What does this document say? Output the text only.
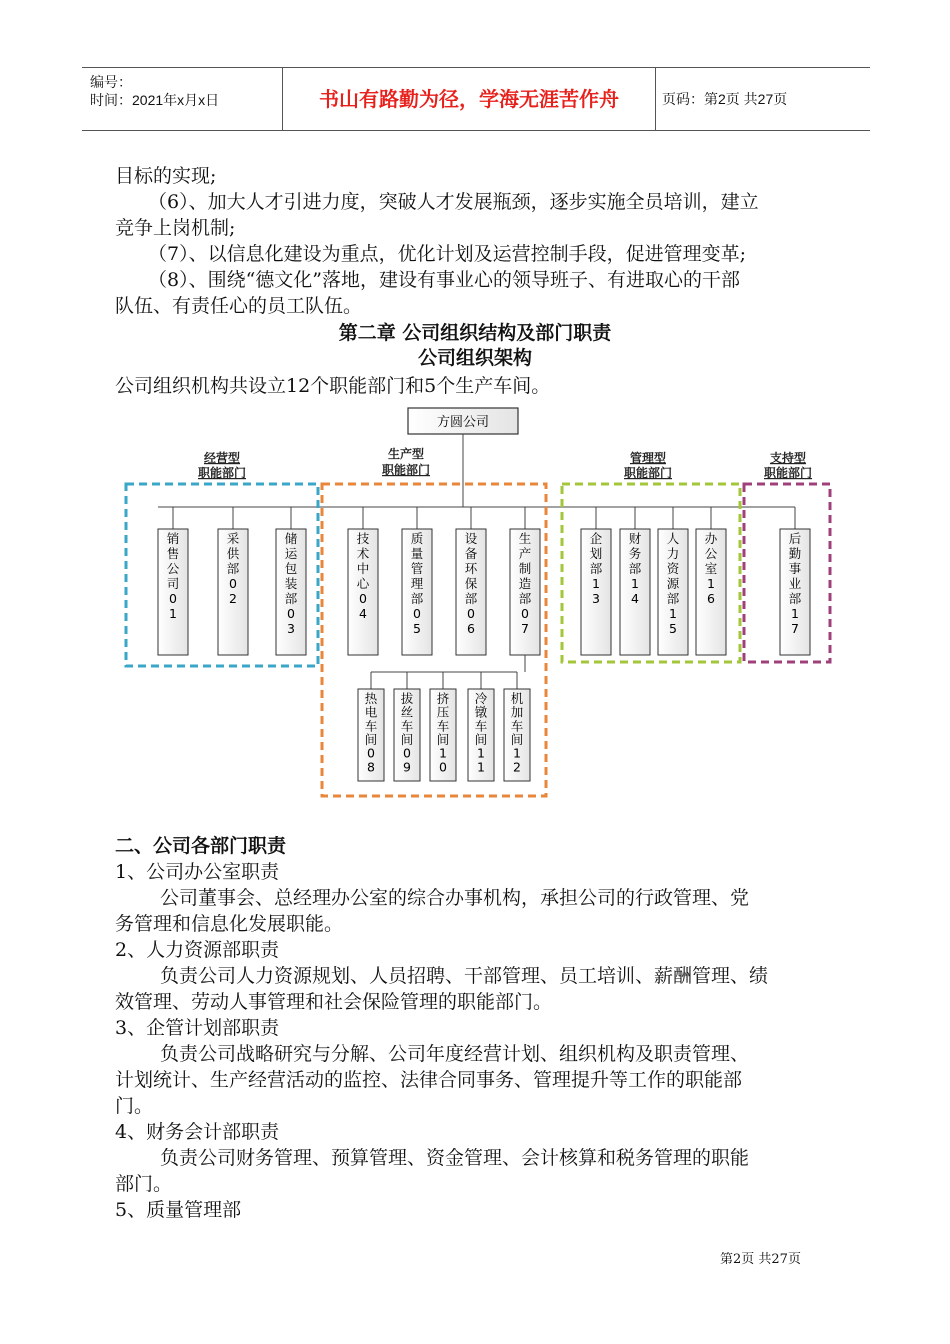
编号：
时间：2021年x月x日	书山有路勤为径，学海无涯苦作舟	页码：第2页 共27页
目标的实现;
（6）、加大人才引进力度，突破人才发展瓶颈，逐步实施全员培训，建立
竞争上岗机制;
（7）、以信息化建设为重点，优化计划及运营控制手段，促进管理变革;
（8）、围绕“德文化”落地，建设有事业心的领导班子、有进取心的干部
队伍、有责任心的员工队伍。
第二章 公司组织结构及部门职责
公司组织架构
公司组织机构共设立12个职能部门和5个生产车间。
方圆公司
经营型
职能部门
生产型
职能部门
管理型
职能部门
支持型
职能部门
销
售
公
司
0
1
采
供
部
0
2
储
运
包
装
部
0
3
技
术
中
心
0
4
质
量
管
理
部
0
5
设
备
环
保
部
0
6
生
产
制
造
部
0
7
企
划
部
1
3
财
务
部
1
4
人
力
资
源
部
1
5
办
公
室
1
6
后
勤
事
业
部
1
7
热
电
车
间
0
8
拔
丝
车
间
0
9
挤
压
车
间
1
0
冷
镦
车
间
1
1
机
加
车
间
1
2
二、公司各部门职责
1、公司办公室职责
公司董事会、总经理办公室的综合办事机构，承担公司的行政管理、党
务管理和信息化发展职能。
2、人力资源部职责
负责公司人力资源规划、人员招聘、干部管理、员工培训、薪酬管理、绩
效管理、劳动人事管理和社会保险管理的职能部门。
3、企管计划部职责
负责公司战略研究与分解、公司年度经营计划、组织机构及职责管理、
计划统计、生产经营活动的监控、法律合同事务、管理提升等工作的职能部
门。
4、财务会计部职责
负责公司财务管理、预算管理、资金管理、会计核算和税务管理的职能
部门。
5、质量管理部
第2页 共27页
